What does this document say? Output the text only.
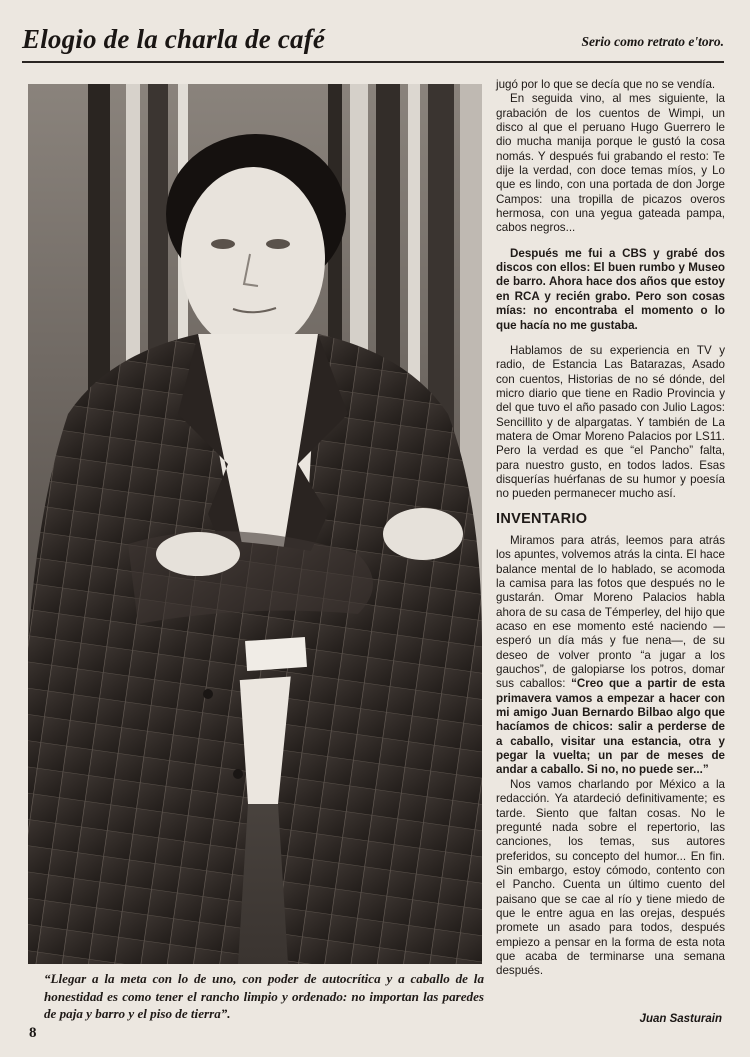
Elogio de la charla de café	Serio como retrato e'toro.
“Llegar a la meta con lo de uno, con poder de autocrítica y a caballo de la honestidad es como tener el rancho limpio y ordenado: no importan las paredes de paja y barro y el piso de tierra”.
8

jugó por lo que se decía que no se vendía.

En seguida vino, al mes siguiente, la grabación de los cuentos de Wimpi, un disco al que el peruano Hugo Guerrero le dio mucha manija porque le gustó la cosa nomás. Y después fui grabando el resto: Te dije la verdad, con doce temas míos, y Lo que es lindo, con una portada de don Jorge Campos: una tropilla de picazos overos hermosa, con una yegua gateada pampa, cabos negros...

Después me fui a CBS y grabé dos discos con ellos: El buen rumbo y Museo de barro. Ahora hace dos años que estoy en RCA y recién grabo. Pero son cosas mías: no encontraba el momento o lo que hacía no me gustaba.

Hablamos de su experiencia en TV y radio, de Estancia Las Batarazas, Asado con cuentos, Historias de no sé dónde, del micro diario que tiene en Radio Provincia y del que tuvo el año pasado con Julio Lagos: Sencillito y de alpargatas. Y también de La matera de Omar Moreno Palacios por LS11. Pero la verdad es que “el Pancho” falta, para nuestro gusto, en todos lados. Esas disquerías huérfanas de su humor y poesía no pueden permanecer mucho así.

INVENTARIO

Miramos para atrás, leemos para atrás los apuntes, volvemos atrás la cinta. El hace balance mental de lo hablado, se acomoda la camisa para las fotos que después no le gustarán. Omar Moreno Palacios habla ahora de su casa de Témperley, del hijo que acaso en ese momento esté naciendo —esperó un día más y fue nena—, de su deseo de volver pronto “a jugar a los gauchos”, de galopiarse los potros, domar sus caballos: “Creo que a partir de esta primavera vamos a empezar a hacer con mi amigo Juan Bernardo Bilbao algo que hacíamos de chicos: salir a perderse de a caballo, visitar una estancia, otra y pegar la vuelta; un par de meses de andar a caballo. Si no, no puede ser...”

Nos vamos charlando por México a la redacción. Ya atardeció definitivamente; es tarde. Siento que faltan cosas. No le pregunté nada sobre el repertorio, las canciones, los temas, sus autores preferidos, su concepto del humor... En fin. Sin embargo, estoy cómodo, contento con el Pancho. Cuenta un último cuento del paisano que se cae al río y tiene miedo de que le entre agua en las orejas, después promete un asado para todos, después empiezo a pensar en la forma de esta nota que acaba de terminarse una semana después.

Juan Sasturain
